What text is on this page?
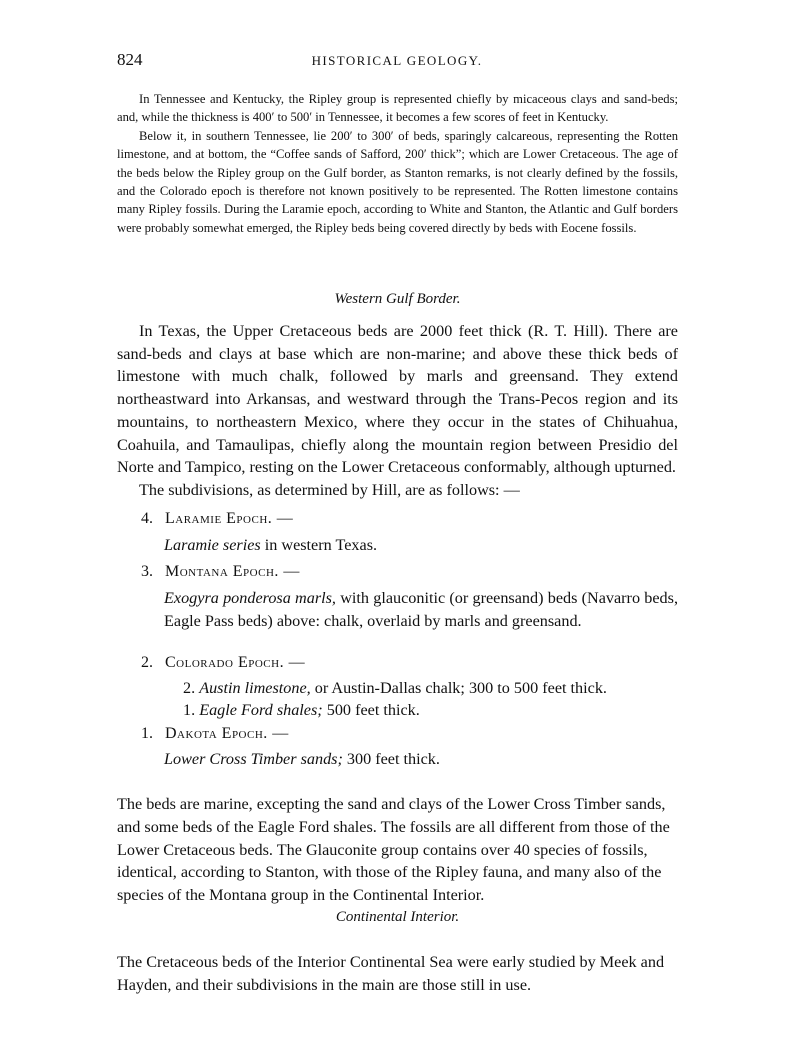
824	HISTORICAL GEOLOGY.

In Tennessee and Kentucky, the Ripley group is represented chiefly by micaceous clays and sand-beds; and, while the thickness is 400′ to 500′ in Tennessee, it becomes a few scores of feet in Kentucky.

Below it, in southern Tennessee, lie 200′ to 300′ of beds, sparingly calcareous, representing the Rotten limestone, and at bottom, the “Coffee sands of Safford, 200′ thick”; which are Lower Cretaceous. The age of the beds below the Ripley group on the Gulf border, as Stanton remarks, is not clearly defined by the fossils, and the Colorado epoch is therefore not known positively to be represented. The Rotten limestone contains many Ripley fossils. During the Laramie epoch, according to White and Stanton, the Atlantic and Gulf borders were probably somewhat emerged, the Ripley beds being covered directly by beds with Eocene fossils.

Western Gulf Border.

In Texas, the Upper Cretaceous beds are 2000 feet thick (R. T. Hill). There are sand-beds and clays at base which are non-marine; and above these thick beds of limestone with much chalk, followed by marls and greensand. They extend northeastward into Arkansas, and westward through the Trans-Pecos region and its mountains, to northeastern Mexico, where they occur in the states of Chihuahua, Coahuila, and Tamaulipas, chiefly along the mountain region between Presidio del Norte and Tampico, resting on the Lower Cretaceous conformably, although upturned.

The subdivisions, as determined by Hill, are as follows: —

4. Laramie Epoch. —
Laramie series in western Texas.
3. Montana Epoch. —
Exogyra ponderosa marls, with glauconitic (or greensand) beds (Navarro beds, Eagle Pass beds) above: chalk, overlaid by marls and greensand.
2. Colorado Epoch. —
2. Austin limestone, or Austin-Dallas chalk; 300 to 500 feet thick.
1. Eagle Ford shales; 500 feet thick.
1. Dakota Epoch. —
Lower Cross Timber sands; 300 feet thick.

The beds are marine, excepting the sand and clays of the Lower Cross Timber sands, and some beds of the Eagle Ford shales. The fossils are all different from those of the Lower Cretaceous beds. The Glauconite group contains over 40 species of fossils, identical, according to Stanton, with those of the Ripley fauna, and many also of the species of the Montana group in the Continental Interior.

Continental Interior.

The Cretaceous beds of the Interior Continental Sea were early studied by Meek and Hayden, and their subdivisions in the main are those still in use.
